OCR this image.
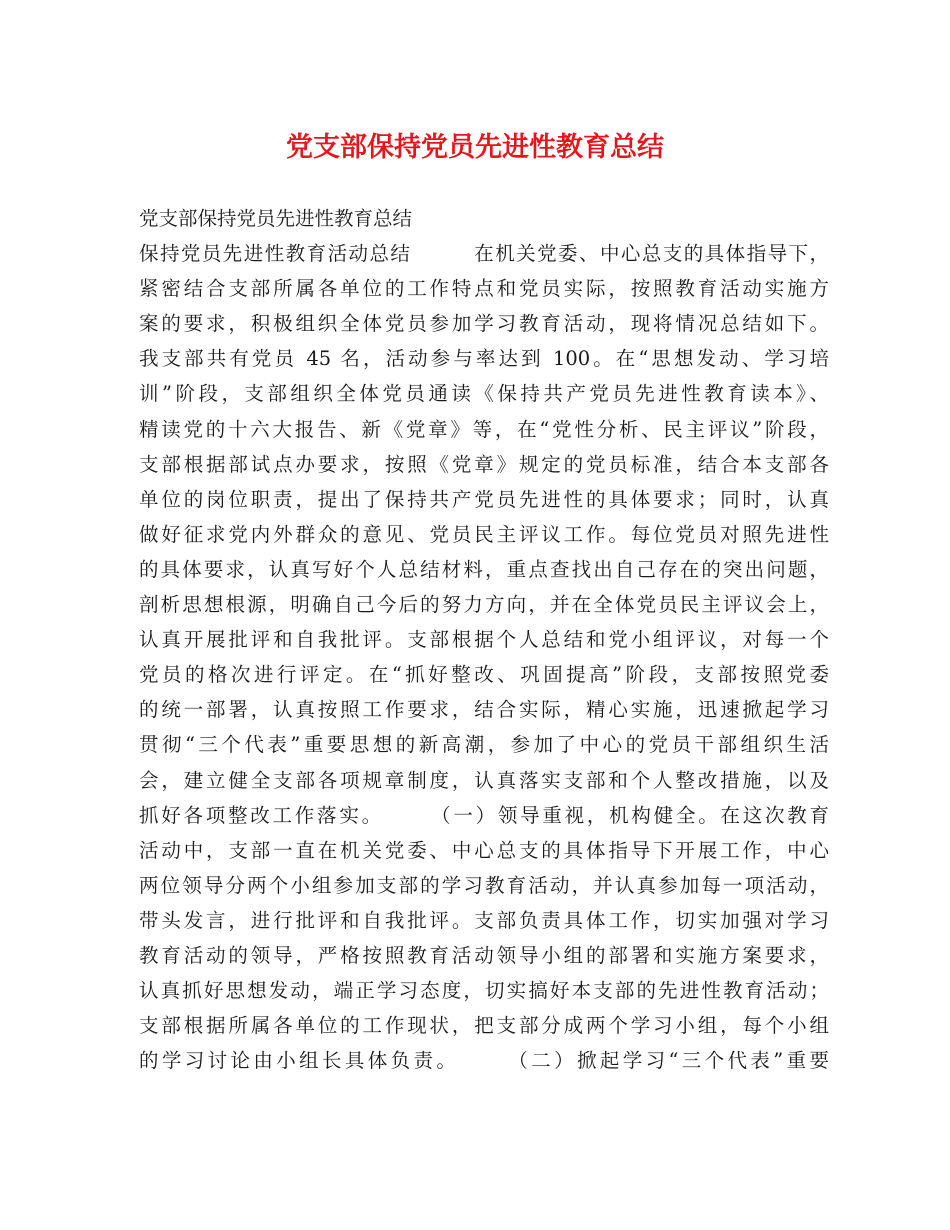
党支部保持党员先进性教育总结
党支部保持党员先进性教育总结
保持党员先进性教育活动总结　　　在机关党委、中心总支的具体指导下，
紧密结合支部所属各单位的工作特点和党员实际，按照教育活动实施方
案的要求，积极组织全体党员参加学习教育活动，现将情况总结如下。
我支部共有党员 45 名，活动参与率达到 100。在“思想发动、学习培
训”阶段，支部组织全体党员通读《保持共产党员先进性教育读本》、
精读党的十六大报告、新《党章》等，在“党性分析、民主评议”阶段，
支部根据部试点办要求，按照《党章》规定的党员标准，结合本支部各
单位的岗位职责，提出了保持共产党员先进性的具体要求；同时，认真
做好征求党内外群众的意见、党员民主评议工作。每位党员对照先进性
的具体要求，认真写好个人总结材料，重点查找出自己存在的突出问题，
剖析思想根源，明确自己今后的努力方向，并在全体党员民主评议会上，
认真开展批评和自我批评。支部根据个人总结和党小组评议，对每一个
党员的格次进行评定。在“抓好整改、巩固提高”阶段，支部按照党委
的统一部署，认真按照工作要求，结合实际，精心实施，迅速掀起学习
贯彻“三个代表”重要思想的新高潮，参加了中心的党员干部组织生活
会，建立健全支部各项规章制度，认真落实支部和个人整改措施，以及
抓好各项整改工作落实。　　　（一）领导重视，机构健全。在这次教育
活动中，支部一直在机关党委、中心总支的具体指导下开展工作，中心
两位领导分两个小组参加支部的学习教育活动，并认真参加每一项活动，
带头发言，进行批评和自我批评。支部负责具体工作，切实加强对学习
教育活动的领导，严格按照教育活动领导小组的部署和实施方案要求，
认真抓好思想发动，端正学习态度，切实搞好本支部的先进性教育活动；
支部根据所属各单位的工作现状，把支部分成两个学习小组，每个小组
的学习讨论由小组长具体负责。　　　（二）掀起学习“三个代表”重要
